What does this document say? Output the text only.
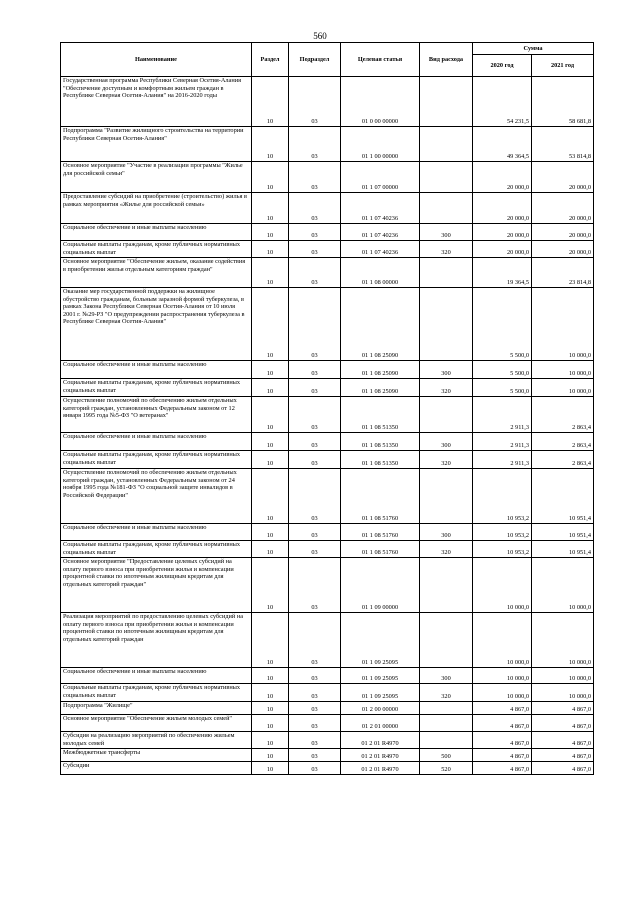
560
Наименование	Раздел	Подраздел	Целевая статья	Вид расхода	Сумма	
					2020 год	2021 год
Государственная программа Республики Северная Осетия-Алания "Обеспечение доступным и комфортным жильем граждан в Республике Северная Осетия-Алания" на 2016-2020 годы	10	03	01 0 00 00000		54 231,5	58 681,8
Подпрограмма "Развитие жилищного строительства на территории Республики Северная Осетия-Алания"	10	03	01 1 00 00000		49 364,5	53 814,8
Основное мероприятие "Участие в реализации программы "Жилье для российской семьи"	10	03	01 1 07 00000		20 000,0	20 000,0
Предоставление субсидий на приобретение (строительство) жилья в рамках мероприятия «Жилье для российской семьи»	10	03	01 1 07 40236		20 000,0	20 000,0
Социальное обеспечение и иные выплаты населению	10	03	01 1 07 40236	300	20 000,0	20 000,0
Социальные выплаты гражданам, кроме публичных нормативных социальных выплат	10	03	01 1 07 40236	320	20 000,0	20 000,0
Основное мероприятие "Обеспечение жильем, оказание содействия в приобретении жилья отдельным категориям граждан"	10	03	01 1 08 00000		19 364,5	23 814,8
Оказание мер государственной поддержки на жилищное обустройство гражданам, больным заразной формой туберкулеза, в рамках Закона Республики Северная Осетия-Алания от 10 июля 2001 г. №29-РЗ "О предупреждении распространения туберкулеза в Республике Северная Осетия-Алания"	10	03	01 1 08 25090		5 500,0	10 000,0
Социальное обеспечение и иные выплаты населению	10	03	01 1 08 25090	300	5 500,0	10 000,0
Социальные выплаты гражданам, кроме публичных нормативных социальных выплат	10	03	01 1 08 25090	320	5 500,0	10 000,0
Осуществление полномочий по обеспечению жильем отдельных категорий граждан, установленных Федеральным законом от 12 января 1995 года №5-ФЗ "О ветеранах"	10	03	01 1 08 51350		2 911,3	2 863,4
Социальное обеспечение и иные выплаты населению	10	03	01 1 08 51350	300	2 911,3	2 863,4
Социальные выплаты гражданам, кроме публичных нормативных социальных выплат	10	03	01 1 08 51350	320	2 911,3	2 863,4
Осуществление полномочий по обеспечению жильем отдельных категорий граждан, установленных Федеральным законом от 24 ноября 1995 года №181-ФЗ "О социальной защите инвалидов в Российской Федерации"	10	03	01 1 08 51760		10 953,2	10 951,4
Социальное обеспечение и иные выплаты населению	10	03	01 1 08 51760	300	10 953,2	10 951,4
Социальные выплаты гражданам, кроме публичных нормативных социальных выплат	10	03	01 1 08 51760	320	10 953,2	10 951,4
Основное мероприятие "Предоставление целевых субсидий на оплату первого взноса при приобретении жилья и компенсации процентной ставки по ипотечным жилищным кредитам для отдельных категорий граждан"	10	03	01 1 09 00000		10 000,0	10 000,0
Реализация мероприятий по предоставлению целевых субсидий на оплату первого взноса при приобретении жилья и компенсации процентной ставки по ипотечным жилищным кредитам для отдельных категорий граждан	10	03	01 1 09 25095		10 000,0	10 000,0
Социальное обеспечение и иные выплаты населению	10	03	01 1 09 25095	300	10 000,0	10 000,0
Социальные выплаты гражданам, кроме публичных нормативных социальных выплат	10	03	01 1 09 25095	320	10 000,0	10 000,0
Подпрограмма "Жилище"	10	03	01 2 00 00000		4 867,0	4 867,0
Основное мероприятие "Обеспечение жильем молодых семей"	10	03	01 2 01 00000		4 867,0	4 867,0
Субсидия на реализацию мероприятий по обеспечению жильем молодых семей	10	03	01 2 01 R4970		4 867,0	4 867,0
Межбюджетные трансферты	10	03	01 2 01 R4970	500	4 867,0	4 867,0
Субсидии	10	03	01 2 01 R4970	520	4 867,0	4 867,0
